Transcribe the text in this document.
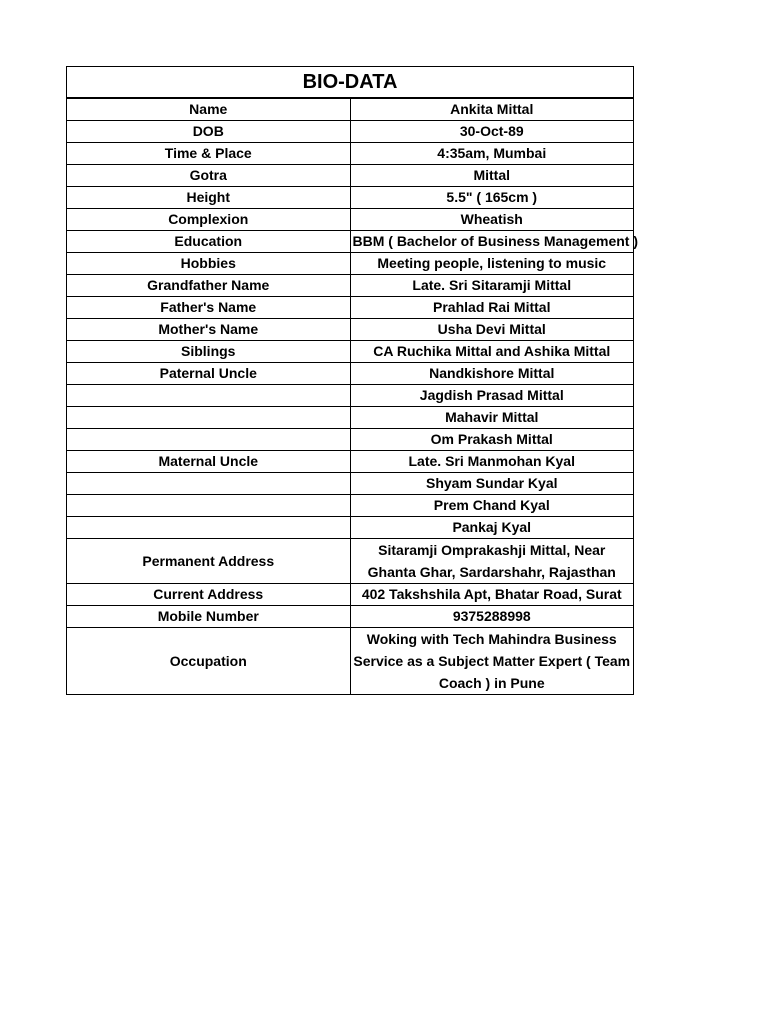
BIO-DATA	
Name	Ankita Mittal
DOB	30-Oct-89
Time & Place	4:35am, Mumbai
Gotra	Mittal
Height	5.5" ( 165cm )
Complexion	Wheatish
Education	BBM ( Bachelor of Business Management )
Hobbies	Meeting people, listening to music
Grandfather Name	Late. Sri Sitaramji Mittal
Father's Name	Prahlad Rai Mittal
Mother's Name	Usha Devi Mittal
Siblings	CA Ruchika Mittal and Ashika Mittal
Paternal Uncle	Nandkishore Mittal
	Jagdish Prasad Mittal
	Mahavir Mittal
	Om Prakash Mittal
Maternal Uncle	Late. Sri Manmohan Kyal
	Shyam Sundar Kyal
	Prem Chand Kyal
	Pankaj Kyal
Permanent Address	Sitaramji Omprakashji Mittal, Near Ghanta Ghar, Sardarshahr, Rajasthan
Current Address	402 Takshshila Apt, Bhatar Road, Surat
Mobile Number	9375288998
Occupation	Woking with Tech Mahindra Business Service as a Subject Matter Expert ( Team Coach ) in Pune
